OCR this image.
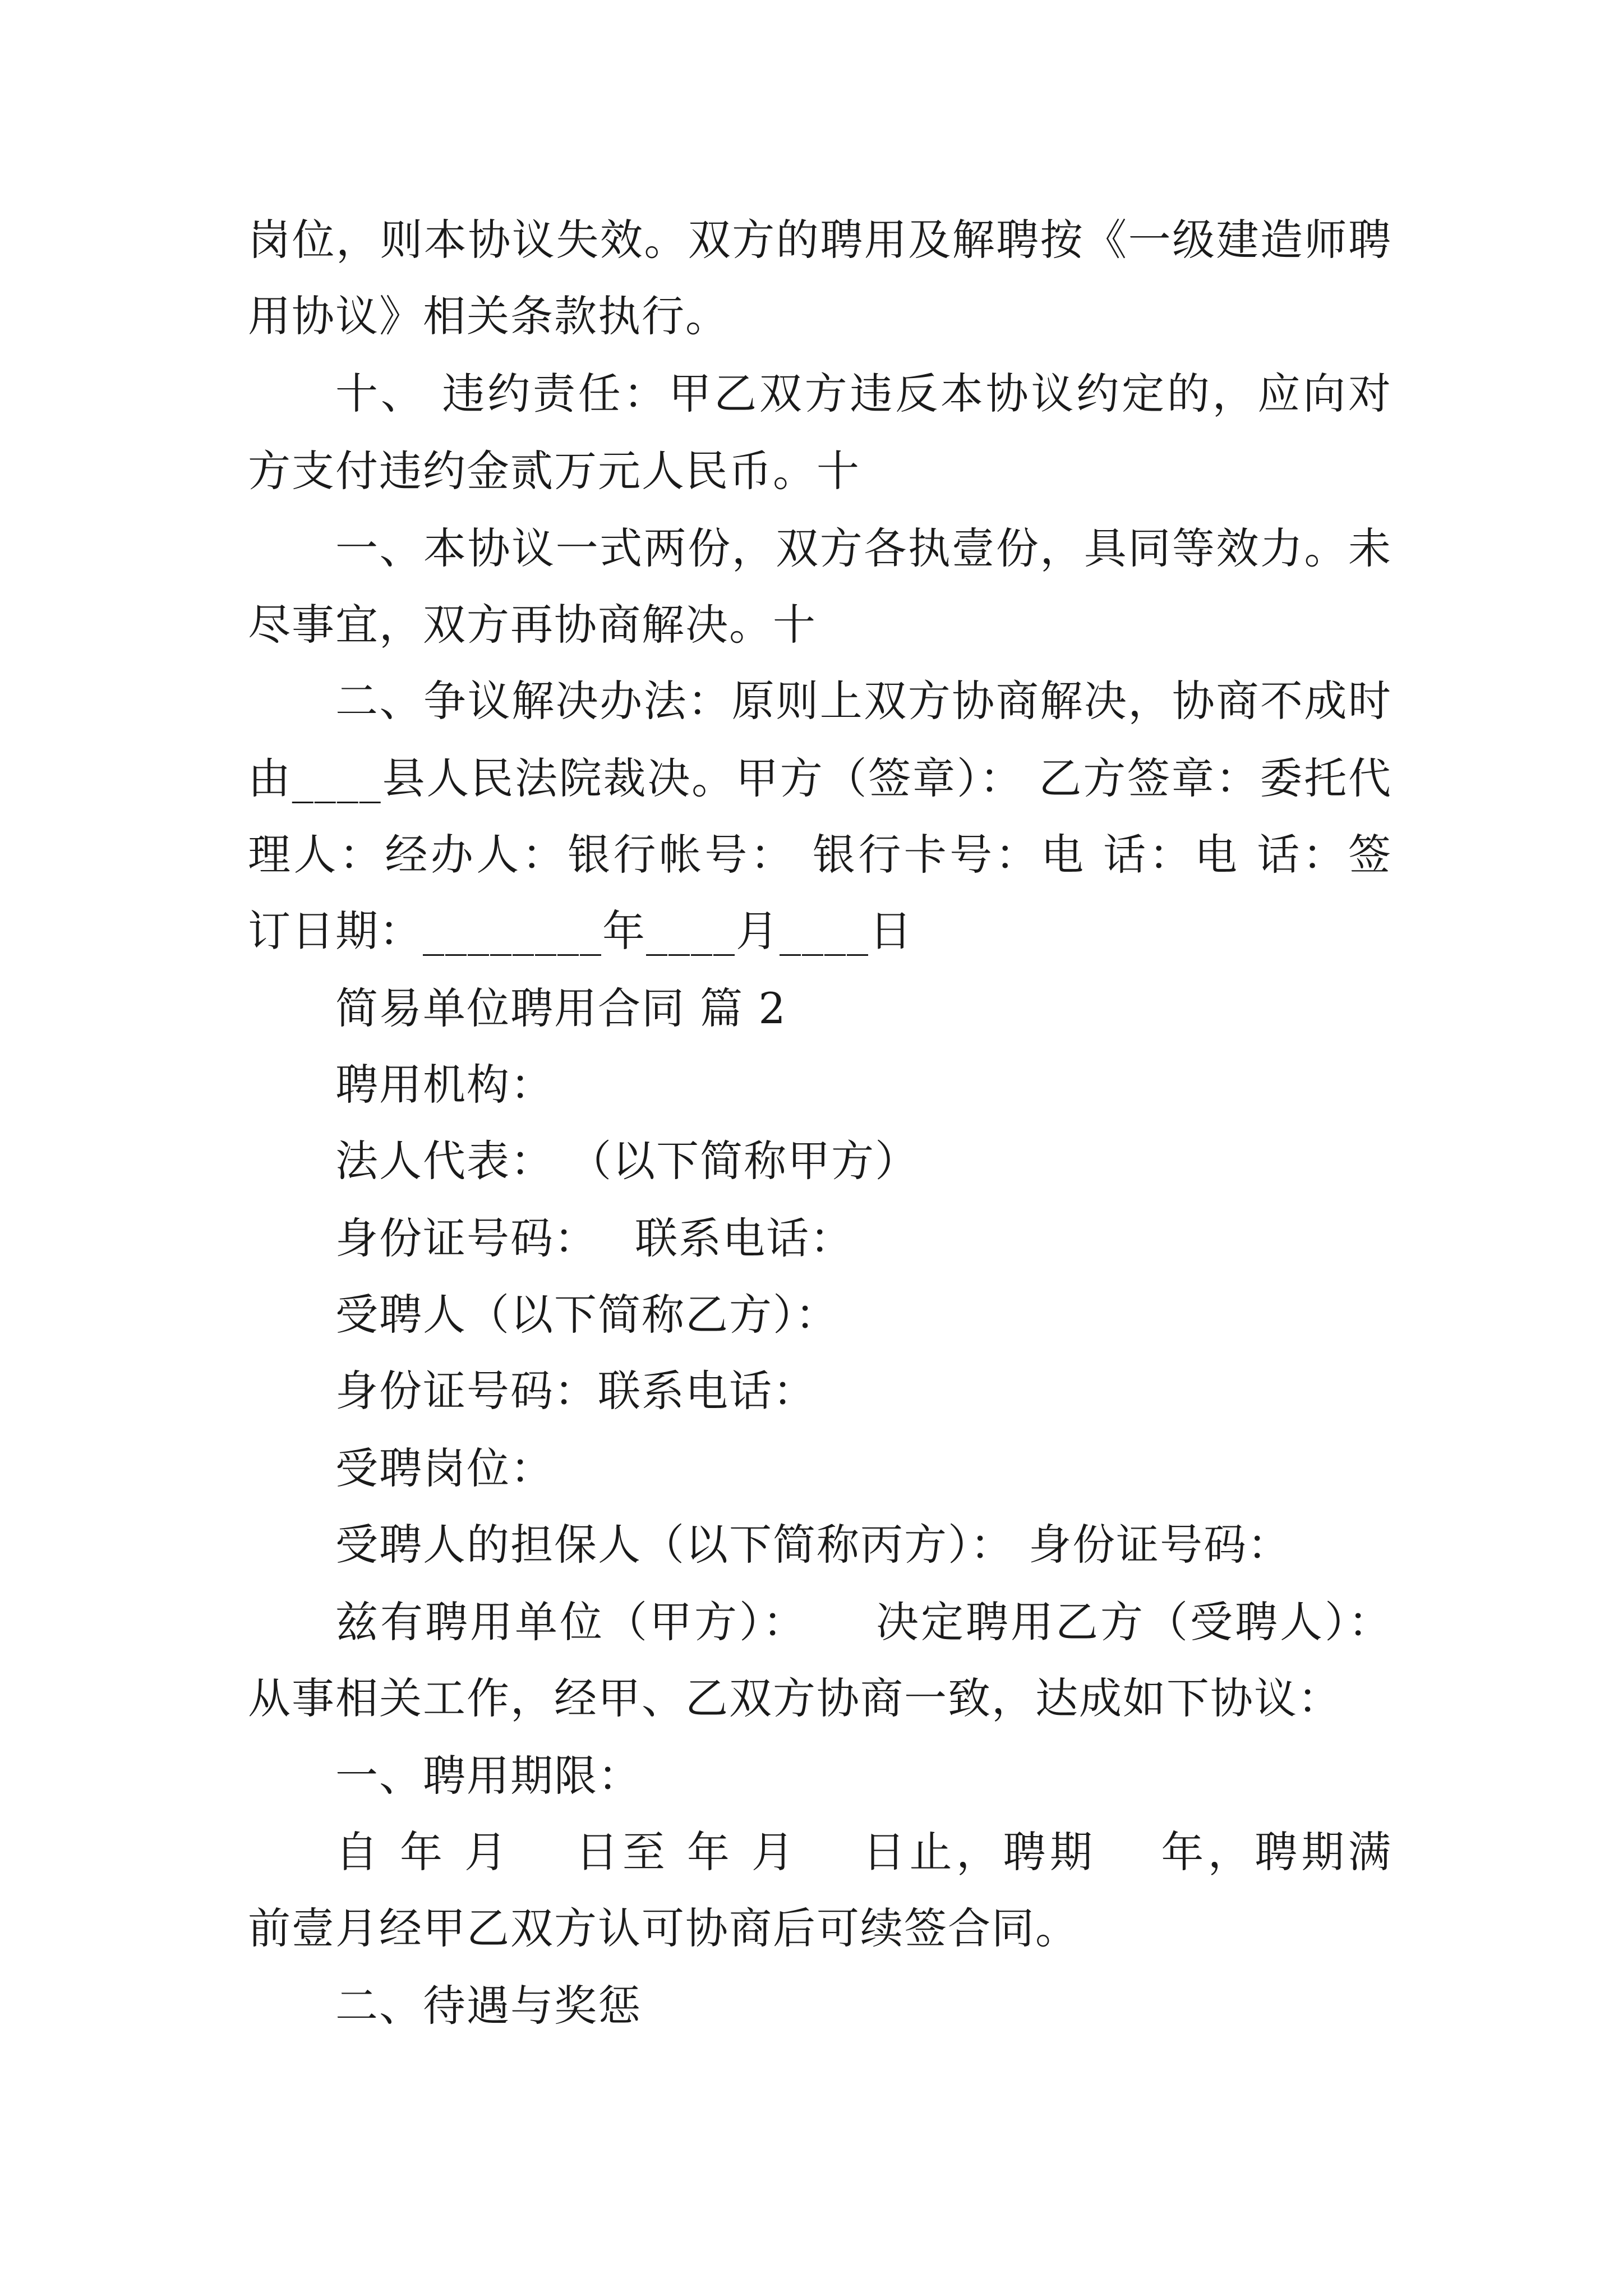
岗位，则本协议失效。双方的聘用及解聘按《一级建造师聘
用协议》相关条款执行。
十、 违约责任：甲乙双方违反本协议约定的，应向对
方支付违约金贰万元人民币。十
一、本协议一式两份，双方各执壹份，具同等效力。未
尽事宜，双方再协商解决。十
二、争议解决办法：原则上双方协商解决，协商不成时
由____县人民法院裁决。甲方（签章）： 乙方签章：委托代
理人：经办人：银行帐号： 银行卡号：电 话：电 话：签
订日期：________年____月____日
简易单位聘用合同 篇 2
聘用机构：
法人代表： （以下简称甲方）
身份证号码：　 联系电话：
受聘人（以下简称乙方）：
身份证号码：联系电话：
受聘岗位：
受聘人的担保人（以下简称丙方）： 身份证号码：
兹有聘用单位（甲方）：　　决定聘用乙方（受聘人）：
从事相关工作，经甲、乙双方协商一致，达成如下协议：
一、聘用期限：
自 年 月 　日至 年 月 　日止，聘期 　年，聘期满
前壹月经甲乙双方认可协商后可续签合同。
二、待遇与奖惩
